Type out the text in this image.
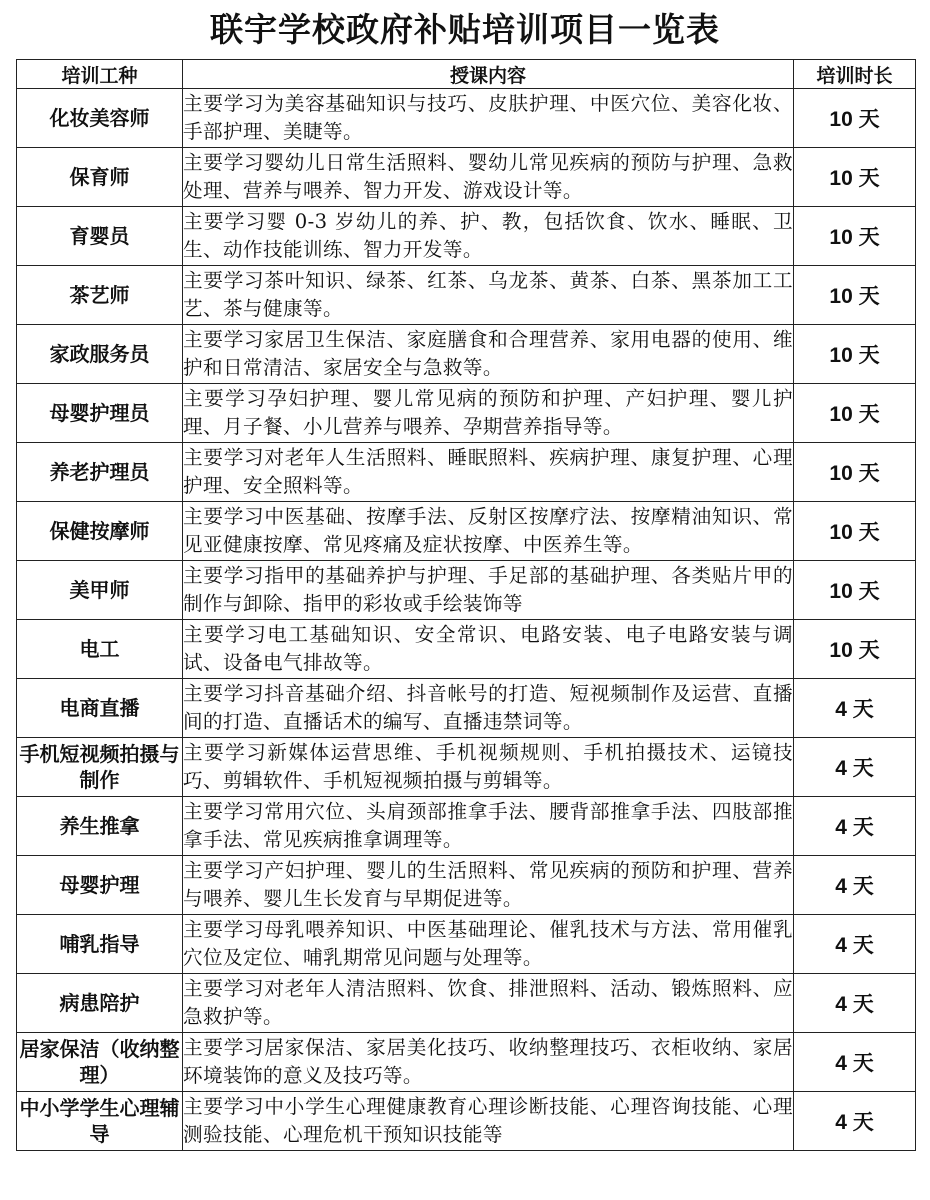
联宇学校政府补贴培训项目一览表
培训工种	授课内容	培训时长
化妆美容师	主要学习为美容基础知识与技巧、皮肤护理、中医穴位、美容化妆、手部护理、美睫等。	10 天
保育师	主要学习婴幼儿日常生活照料、婴幼儿常见疾病的预防与护理、急救处理、营养与喂养、智力开发、游戏设计等。	10 天
育婴员	主要学习婴 0-3 岁幼儿的养、护、教，包括饮食、饮水、睡眠、卫生、动作技能训练、智力开发等。	10 天
茶艺师	主要学习茶叶知识、绿茶、红茶、乌龙茶、黄茶、白茶、黑茶加工工艺、茶与健康等。	10 天
家政服务员	主要学习家居卫生保洁、家庭膳食和合理营养、家用电器的使用、维护和日常清洁、家居安全与急救等。	10 天
母婴护理员	主要学习孕妇护理、婴儿常见病的预防和护理、产妇护理、婴儿护理、月子餐、小儿营养与喂养、孕期营养指导等。	10 天
养老护理员	主要学习对老年人生活照料、睡眠照料、疾病护理、康复护理、心理护理、安全照料等。	10 天
保健按摩师	主要学习中医基础、按摩手法、反射区按摩疗法、按摩精油知识、常见亚健康按摩、常见疼痛及症状按摩、中医养生等。	10 天
美甲师	主要学习指甲的基础养护与护理、手足部的基础护理、各类贴片甲的制作与卸除、指甲的彩妆或手绘装饰等	10 天
电工	主要学习电工基础知识、安全常识、电路安装、电子电路安装与调试、设备电气排故等。	10 天
电商直播	主要学习抖音基础介绍、抖音帐号的打造、短视频制作及运营、直播间的打造、直播话术的编写、直播违禁词等。	4 天
手机短视频拍摄与制作	主要学习新媒体运营思维、手机视频规则、手机拍摄技术、运镜技巧、剪辑软件、手机短视频拍摄与剪辑等。	4 天
养生推拿	主要学习常用穴位、头肩颈部推拿手法、腰背部推拿手法、四肢部推拿手法、常见疾病推拿调理等。	4 天
母婴护理	主要学习产妇护理、婴儿的生活照料、常见疾病的预防和护理、营养与喂养、婴儿生长发育与早期促进等。	4 天
哺乳指导	主要学习母乳喂养知识、中医基础理论、催乳技术与方法、常用催乳穴位及定位、哺乳期常见问题与处理等。	4 天
病患陪护	主要学习对老年人清洁照料、饮食、排泄照料、活动、锻炼照料、应急救护等。	4 天
居家保洁（收纳整理）	主要学习居家保洁、家居美化技巧、收纳整理技巧、衣柜收纳、家居环境装饰的意义及技巧等。	4 天
中小学学生心理辅导	主要学习中小学生心理健康教育心理诊断技能、心理咨询技能、心理测验技能、心理危机干预知识技能等	4 天
